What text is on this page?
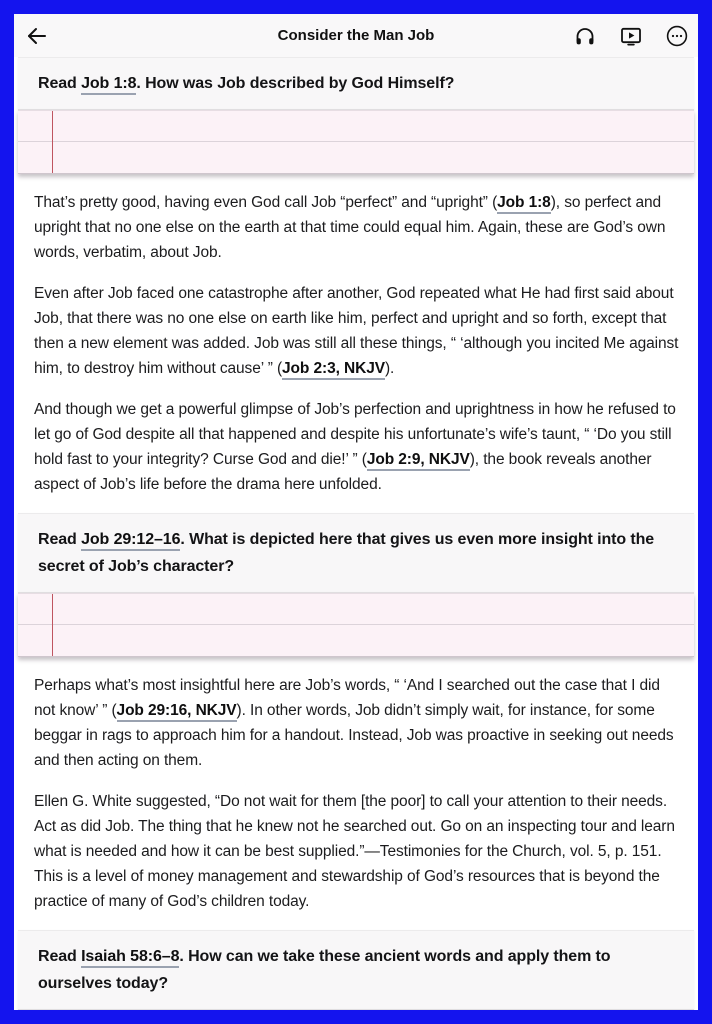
Consider the Man Job

Read Job 1:8. How was Job described by God Himself?

That’s pretty good, having even God call Job “perfect” and “upright” (Job 1:8), so perfect and upright that no one else on the earth at that time could equal him. Again, these are God’s own words, verbatim, about Job.

Even after Job faced one catastrophe after another, God repeated what He had first said about Job, that there was no one else on earth like him, perfect and upright and so forth, except that then a new element was added. Job was still all these things, “ ‘although you incited Me against him, to destroy him without cause’ ” (Job 2:3, NKJV).

And though we get a powerful glimpse of Job’s perfection and uprightness in how he refused to let go of God despite all that happened and despite his unfortunate’s wife’s taunt, “ ‘Do you still hold fast to your integrity? Curse God and die!’ ” (Job 2:9, NKJV), the book reveals another aspect of Job’s life before the drama here unfolded.

Read Job 29:12–16. What is depicted here that gives us even more insight into the secret of Job’s character?

Perhaps what’s most insightful here are Job’s words, “ ‘And I searched out the case that I did not know’ ” (Job 29:16, NKJV). In other words, Job didn’t simply wait, for instance, for some beggar in rags to approach him for a handout. Instead, Job was proactive in seeking out needs and then acting on them.

Ellen G. White suggested, “Do not wait for them [the poor] to call your attention to their needs. Act as did Job. The thing that he knew not he searched out. Go on an inspecting tour and learn what is needed and how it can be best supplied.”—Testimonies for the Church, vol. 5, p. 151. This is a level of money management and stewardship of God’s resources that is beyond the practice of many of God’s children today.

Read Isaiah 58:6–8. How can we take these ancient words and apply them to ourselves today?
